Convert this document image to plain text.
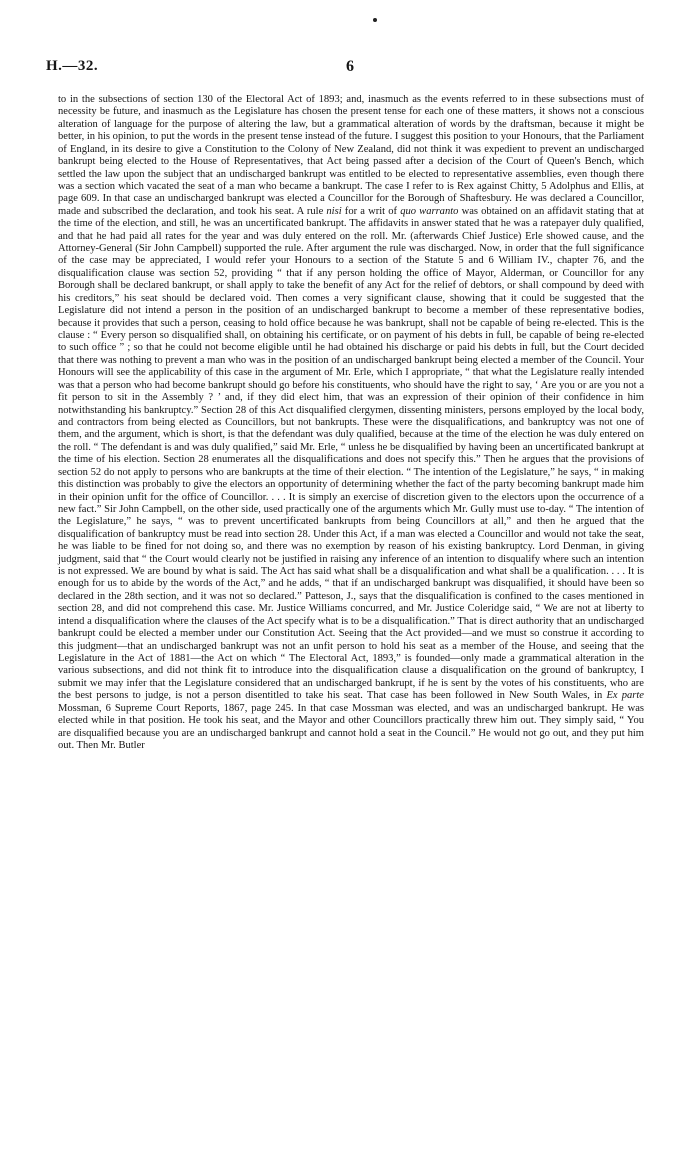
H.—32.	6

to in the subsections of section 130 of the Electoral Act of 1893; and, inasmuch as the events referred to in these subsections must of necessity be future, and inasmuch as the Legislature has chosen the present tense for each one of these matters, it shows not a conscious alteration of language for the purpose of altering the law, but a grammatical alteration of words by the draftsman, because it might be better, in his opinion, to put the words in the present tense instead of the future. I suggest this position to your Honours, that the Parliament of England, in its desire to give a Constitution to the Colony of New Zealand, did not think it was expedient to prevent an undischarged bankrupt being elected to the House of Representatives, that Act being passed after a decision of the Court of Queen's Bench, which settled the law upon the subject that an undischarged bankrupt was entitled to be elected to representative assemblies, even though there was a section which vacated the seat of a man who became a bankrupt. The case I refer to is Rex against Chitty, 5 Adolphus and Ellis, at page 609. In that case an undischarged bankrupt was elected a Councillor for the Borough of Shaftesbury. He was declared a Councillor, made and subscribed the declaration, and took his seat. A rule nisi for a writ of quo warranto was obtained on an affidavit stating that at the time of the election, and still, he was an uncertificated bankrupt. The affidavits in answer stated that he was a ratepayer duly qualified, and that he had paid all rates for the year and was duly entered on the roll. Mr. (afterwards Chief Justice) Erle showed cause, and the Attorney-General (Sir John Campbell) supported the rule. After argument the rule was discharged. Now, in order that the full significance of the case may be appreciated, I would refer your Honours to a section of the Statute 5 and 6 William IV., chapter 76, and the disqualification clause was section 52, providing “ that if any person holding the office of Mayor, Alderman, or Councillor for any Borough shall be declared bankrupt, or shall apply to take the benefit of any Act for the relief of debtors, or shall compound by deed with his creditors,” his seat should be declared void. Then comes a very significant clause, showing that it could be suggested that the Legislature did not intend a person in the position of an undischarged bankrupt to become a member of these representative bodies, because it provides that such a person, ceasing to hold office because he was bankrupt, shall not be capable of being re-elected. This is the clause : “ Every person so disqualified shall, on obtaining his certificate, or on payment of his debts in full, be capable of being re-elected to such office ” ; so that he could not become eligible until he had obtained his discharge or paid his debts in full, but the Court decided that there was nothing to prevent a man who was in the position of an undischarged bankrupt being elected a member of the Council. Your Honours will see the applicability of this case in the argument of Mr. Erle, which I appropriate, “ that what the Legislature really intended was that a person who had become bankrupt should go before his constituents, who should have the right to say, ‘ Are you or are you not a fit person to sit in the Assembly ? ’ and, if they did elect him, that was an expression of their opinion of their confidence in him notwithstanding his bankruptcy.” Section 28 of this Act disqualified clergymen, dissenting ministers, persons employed by the local body, and contractors from being elected as Councillors, but not bankrupts. These were the disqualifications, and bankruptcy was not one of them, and the argument, which is short, is that the defendant was duly qualified, because at the time of the election he was duly entered on the roll. “ The defendant is and was duly qualified,” said Mr. Erle, “ unless he be disqualified by having been an uncertificated bankrupt at the time of his election. Section 28 enumerates all the disqualifications and does not specify this.” Then he argues that the provisions of section 52 do not apply to persons who are bankrupts at the time of their election. “ The intention of the Legislature,” he says, “ in making this distinction was probably to give the electors an opportunity of determining whether the fact of the party becoming bankrupt made him in their opinion unfit for the office of Councillor. . . . It is simply an exercise of discretion given to the electors upon the occurrence of a new fact.” Sir John Campbell, on the other side, used practically one of the arguments which Mr. Gully must use to-day. “ The intention of the Legislature,” he says, “ was to prevent uncertificated bankrupts from being Councillors at all,” and then he argued that the disqualification of bankruptcy must be read into section 28. Under this Act, if a man was elected a Councillor and would not take the seat, he was liable to be fined for not doing so, and there was no exemption by reason of his existing bankruptcy. Lord Denman, in giving judgment, said that “ the Court would clearly not be justified in raising any inference of an intention to disqualify where such an intention is not expressed. We are bound by what is said. The Act has said what shall be a disqualification and what shall be a qualification. . . . It is enough for us to abide by the words of the Act,” and he adds, “ that if an undischarged bankrupt was disqualified, it should have been so declared in the 28th section, and it was not so declared.” Patteson, J., says that the disqualification is confined to the cases mentioned in section 28, and did not comprehend this case. Mr. Justice Williams concurred, and Mr. Justice Coleridge said, “ We are not at liberty to intend a disqualification where the clauses of the Act specify what is to be a disqualification.” That is direct authority that an undischarged bankrupt could be elected a member under our Constitution Act. Seeing that the Act provided—and we must so construe it according to this judgment—that an undischarged bankrupt was not an unfit person to hold his seat as a member of the House, and seeing that the Legislature in the Act of 1881—the Act on which “ The Electoral Act, 1893,” is founded—only made a grammatical alteration in the various subsections, and did not think fit to introduce into the disqualification clause a disqualification on the ground of bankruptcy, I submit we may infer that the Legislature considered that an undischarged bankrupt, if he is sent by the votes of his constituents, who are the best persons to judge, is not a person disentitled to take his seat. That case has been followed in New South Wales, in Ex parte Mossman, 6 Supreme Court Reports, 1867, page 245. In that case Mossman was elected, and was an undischarged bankrupt. He was elected while in that position. He took his seat, and the Mayor and other Councillors practically threw him out. They simply said, “ You are disqualified because you are an undischarged bankrupt and cannot hold a seat in the Council.” He would not go out, and they put him out. Then Mr. Butler
